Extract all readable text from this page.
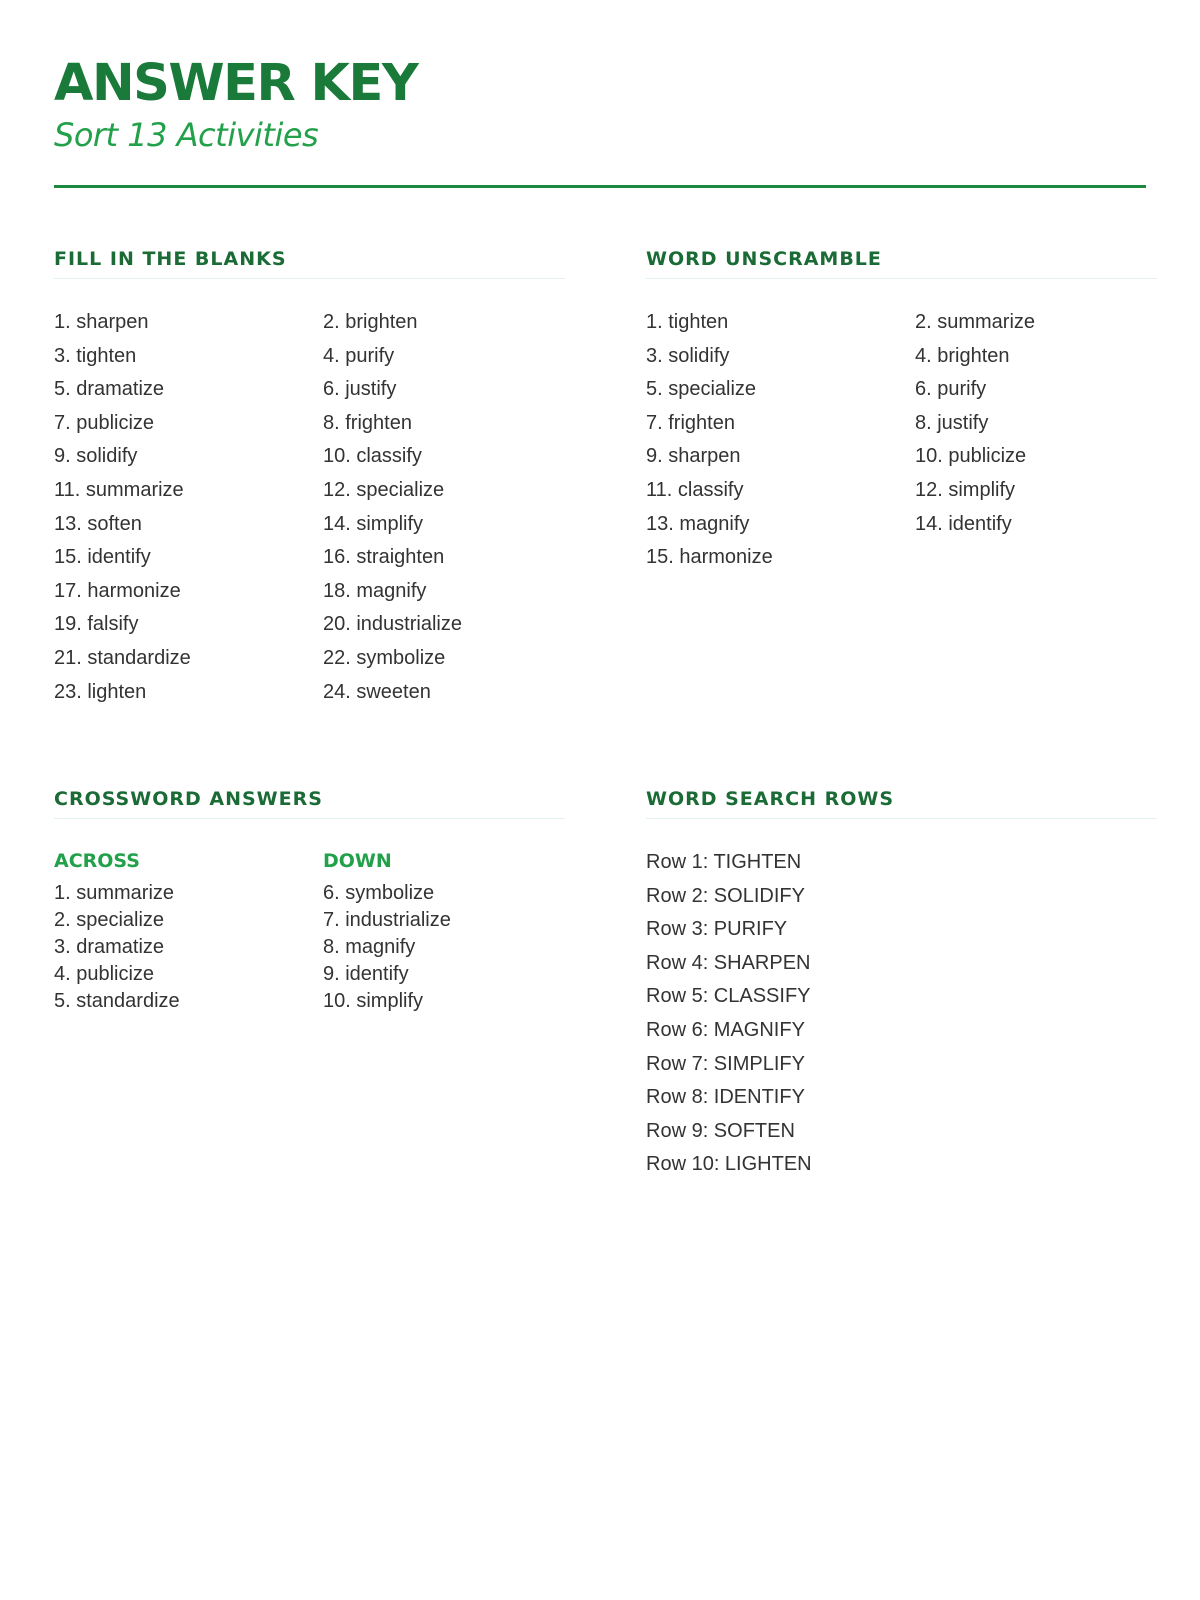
ANSWER KEY
Sort 13 Activities
FILL IN THE BLANKS
1. sharpen
3. tighten
5. dramatize
7. publicize
9. solidify
11. summarize
13. soften
15. identify
17. harmonize
19. falsify
21. standardize
23. lighten
2. brighten
4. purify
6. justify
8. frighten
10. classify
12. specialize
14. simplify
16. straighten
18. magnify
20. industrialize
22. symbolize
24. sweeten
WORD UNSCRAMBLE
1. tighten
3. solidify
5. specialize
7. frighten
9. sharpen
11. classify
13. magnify
15. harmonize
2. summarize
4. brighten
6. purify
8. justify
10. publicize
12. simplify
14. identify
CROSSWORD ANSWERS
ACROSS
1. summarize
2. specialize
3. dramatize
4. publicize
5. standardize
DOWN
6. symbolize
7. industrialize
8. magnify
9. identify
10. simplify
WORD SEARCH ROWS
Row 1: TIGHTEN
Row 2: SOLIDIFY
Row 3: PURIFY
Row 4: SHARPEN
Row 5: CLASSIFY
Row 6: MAGNIFY
Row 7: SIMPLIFY
Row 8: IDENTIFY
Row 9: SOFTEN
Row 10: LIGHTEN
